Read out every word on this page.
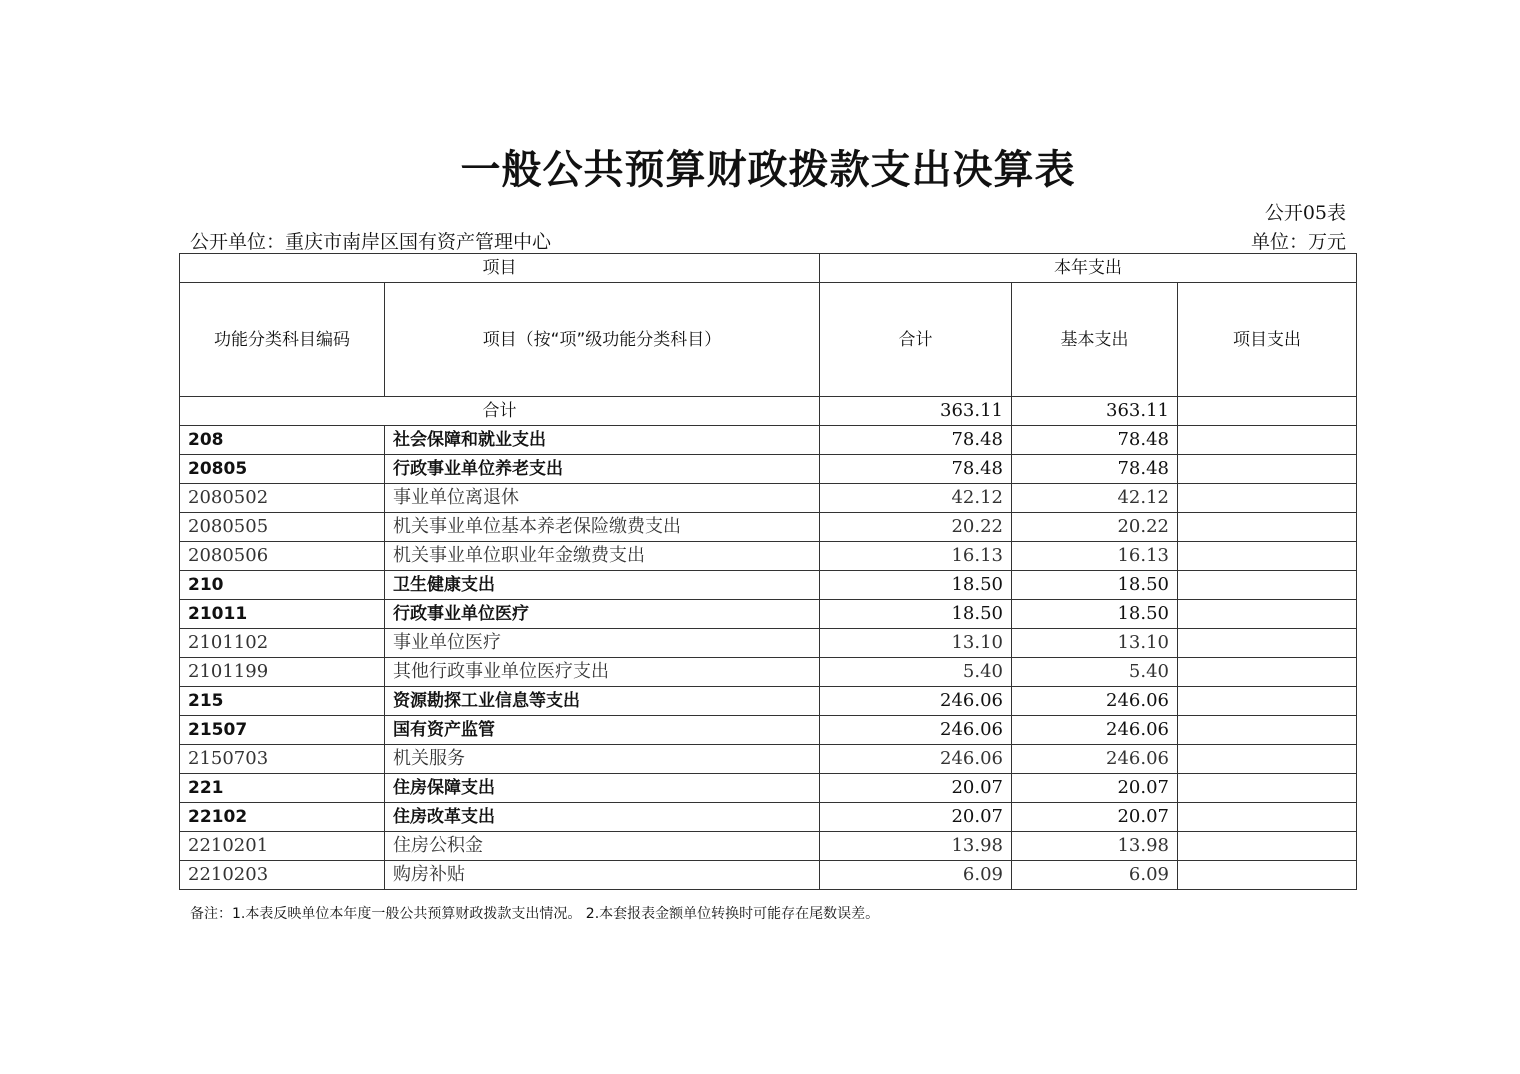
一般公共预算财政拨款支出决算表
公开05表
公开单位：重庆市南岸区国有资产管理中心	单位：万元
项目		本年支出		
功能分类科目编码	项目（按“项”级功能分类科目）	合计	基本支出	项目支出
合计		363.11	363.11	
208	社会保障和就业支出	78.48	78.48	
20805	行政事业单位养老支出	78.48	78.48	
2080502	事业单位离退休	42.12	42.12	
2080505	机关事业单位基本养老保险缴费支出	20.22	20.22	
2080506	机关事业单位职业年金缴费支出	16.13	16.13	
210	卫生健康支出	18.50	18.50	
21011	行政事业单位医疗	18.50	18.50	
2101102	事业单位医疗	13.10	13.10	
2101199	其他行政事业单位医疗支出	5.40	5.40	
215	资源勘探工业信息等支出	246.06	246.06	
21507	国有资产监管	246.06	246.06	
2150703	机关服务	246.06	246.06	
221	住房保障支出	20.07	20.07	
22102	住房改革支出	20.07	20.07	
2210201	住房公积金	13.98	13.98	
2210203	购房补贴	6.09	6.09	
备注：1.本表反映单位本年度一般公共预算财政拨款支出情况。 2.本套报表金额单位转换时可能存在尾数误差。
